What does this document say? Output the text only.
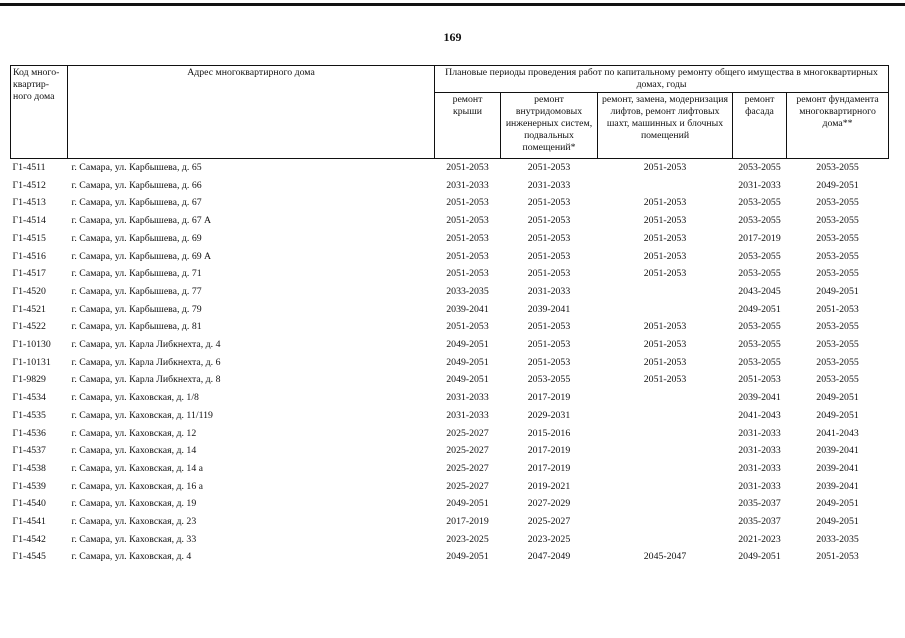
169
Код много-квартир-ного дома	Адрес многоквартирного дома	Плановые периоды проведения работ по капитальному ремонту общего имущества в многоквартирных домах, годы				
		ремонт крыши	ремонт внутридомовых инженерных систем, подвальных помещений*	ремонт, замена, модернизация лифтов, ремонт лифтовых шахт, машинных и блочных помещений	ремонт фасада	ремонт фундамента многоквартирного дома**
Г1-4511	г. Самара, ул. Карбышева, д. 65	2051-2053	2051-2053	2051-2053	2053-2055	2053-2055
Г1-4512	г. Самара, ул. Карбышева, д. 66	2031-2033	2031-2033		2031-2033	2049-2051
Г1-4513	г. Самара, ул. Карбышева, д. 67	2051-2053	2051-2053	2051-2053	2053-2055	2053-2055
Г1-4514	г. Самара, ул. Карбышева, д. 67 А	2051-2053	2051-2053	2051-2053	2053-2055	2053-2055
Г1-4515	г. Самара, ул. Карбышева, д. 69	2051-2053	2051-2053	2051-2053	2017-2019	2053-2055
Г1-4516	г. Самара, ул. Карбышева, д. 69 А	2051-2053	2051-2053	2051-2053	2053-2055	2053-2055
Г1-4517	г. Самара, ул. Карбышева, д. 71	2051-2053	2051-2053	2051-2053	2053-2055	2053-2055
Г1-4520	г. Самара, ул. Карбышева, д. 77	2033-2035	2031-2033		2043-2045	2049-2051
Г1-4521	г. Самара, ул. Карбышева, д. 79	2039-2041	2039-2041		2049-2051	2051-2053
Г1-4522	г. Самара, ул. Карбышева, д. 81	2051-2053	2051-2053	2051-2053	2053-2055	2053-2055
Г1-10130	г. Самара, ул. Карла Либкнехта, д. 4	2049-2051	2051-2053	2051-2053	2053-2055	2053-2055
Г1-10131	г. Самара, ул. Карла Либкнехта, д. 6	2049-2051	2051-2053	2051-2053	2053-2055	2053-2055
Г1-9829	г. Самара, ул. Карла Либкнехта, д. 8	2049-2051	2053-2055	2051-2053	2051-2053	2053-2055
Г1-4534	г. Самара, ул. Каховская, д. 1/8	2031-2033	2017-2019		2039-2041	2049-2051
Г1-4535	г. Самара, ул. Каховская, д. 11/119	2031-2033	2029-2031		2041-2043	2049-2051
Г1-4536	г. Самара, ул. Каховская, д. 12	2025-2027	2015-2016		2031-2033	2041-2043
Г1-4537	г. Самара, ул. Каховская, д. 14	2025-2027	2017-2019		2031-2033	2039-2041
Г1-4538	г. Самара, ул. Каховская, д. 14 а	2025-2027	2017-2019		2031-2033	2039-2041
Г1-4539	г. Самара, ул. Каховская, д. 16 а	2025-2027	2019-2021		2031-2033	2039-2041
Г1-4540	г. Самара, ул. Каховская, д. 19	2049-2051	2027-2029		2035-2037	2049-2051
Г1-4541	г. Самара, ул. Каховская, д. 23	2017-2019	2025-2027		2035-2037	2049-2051
Г1-4542	г. Самара, ул. Каховская, д. 33	2023-2025	2023-2025		2021-2023	2033-2035
Г1-4545	г. Самара, ул. Каховская, д. 4	2049-2051	2047-2049	2045-2047	2049-2051	2051-2053
